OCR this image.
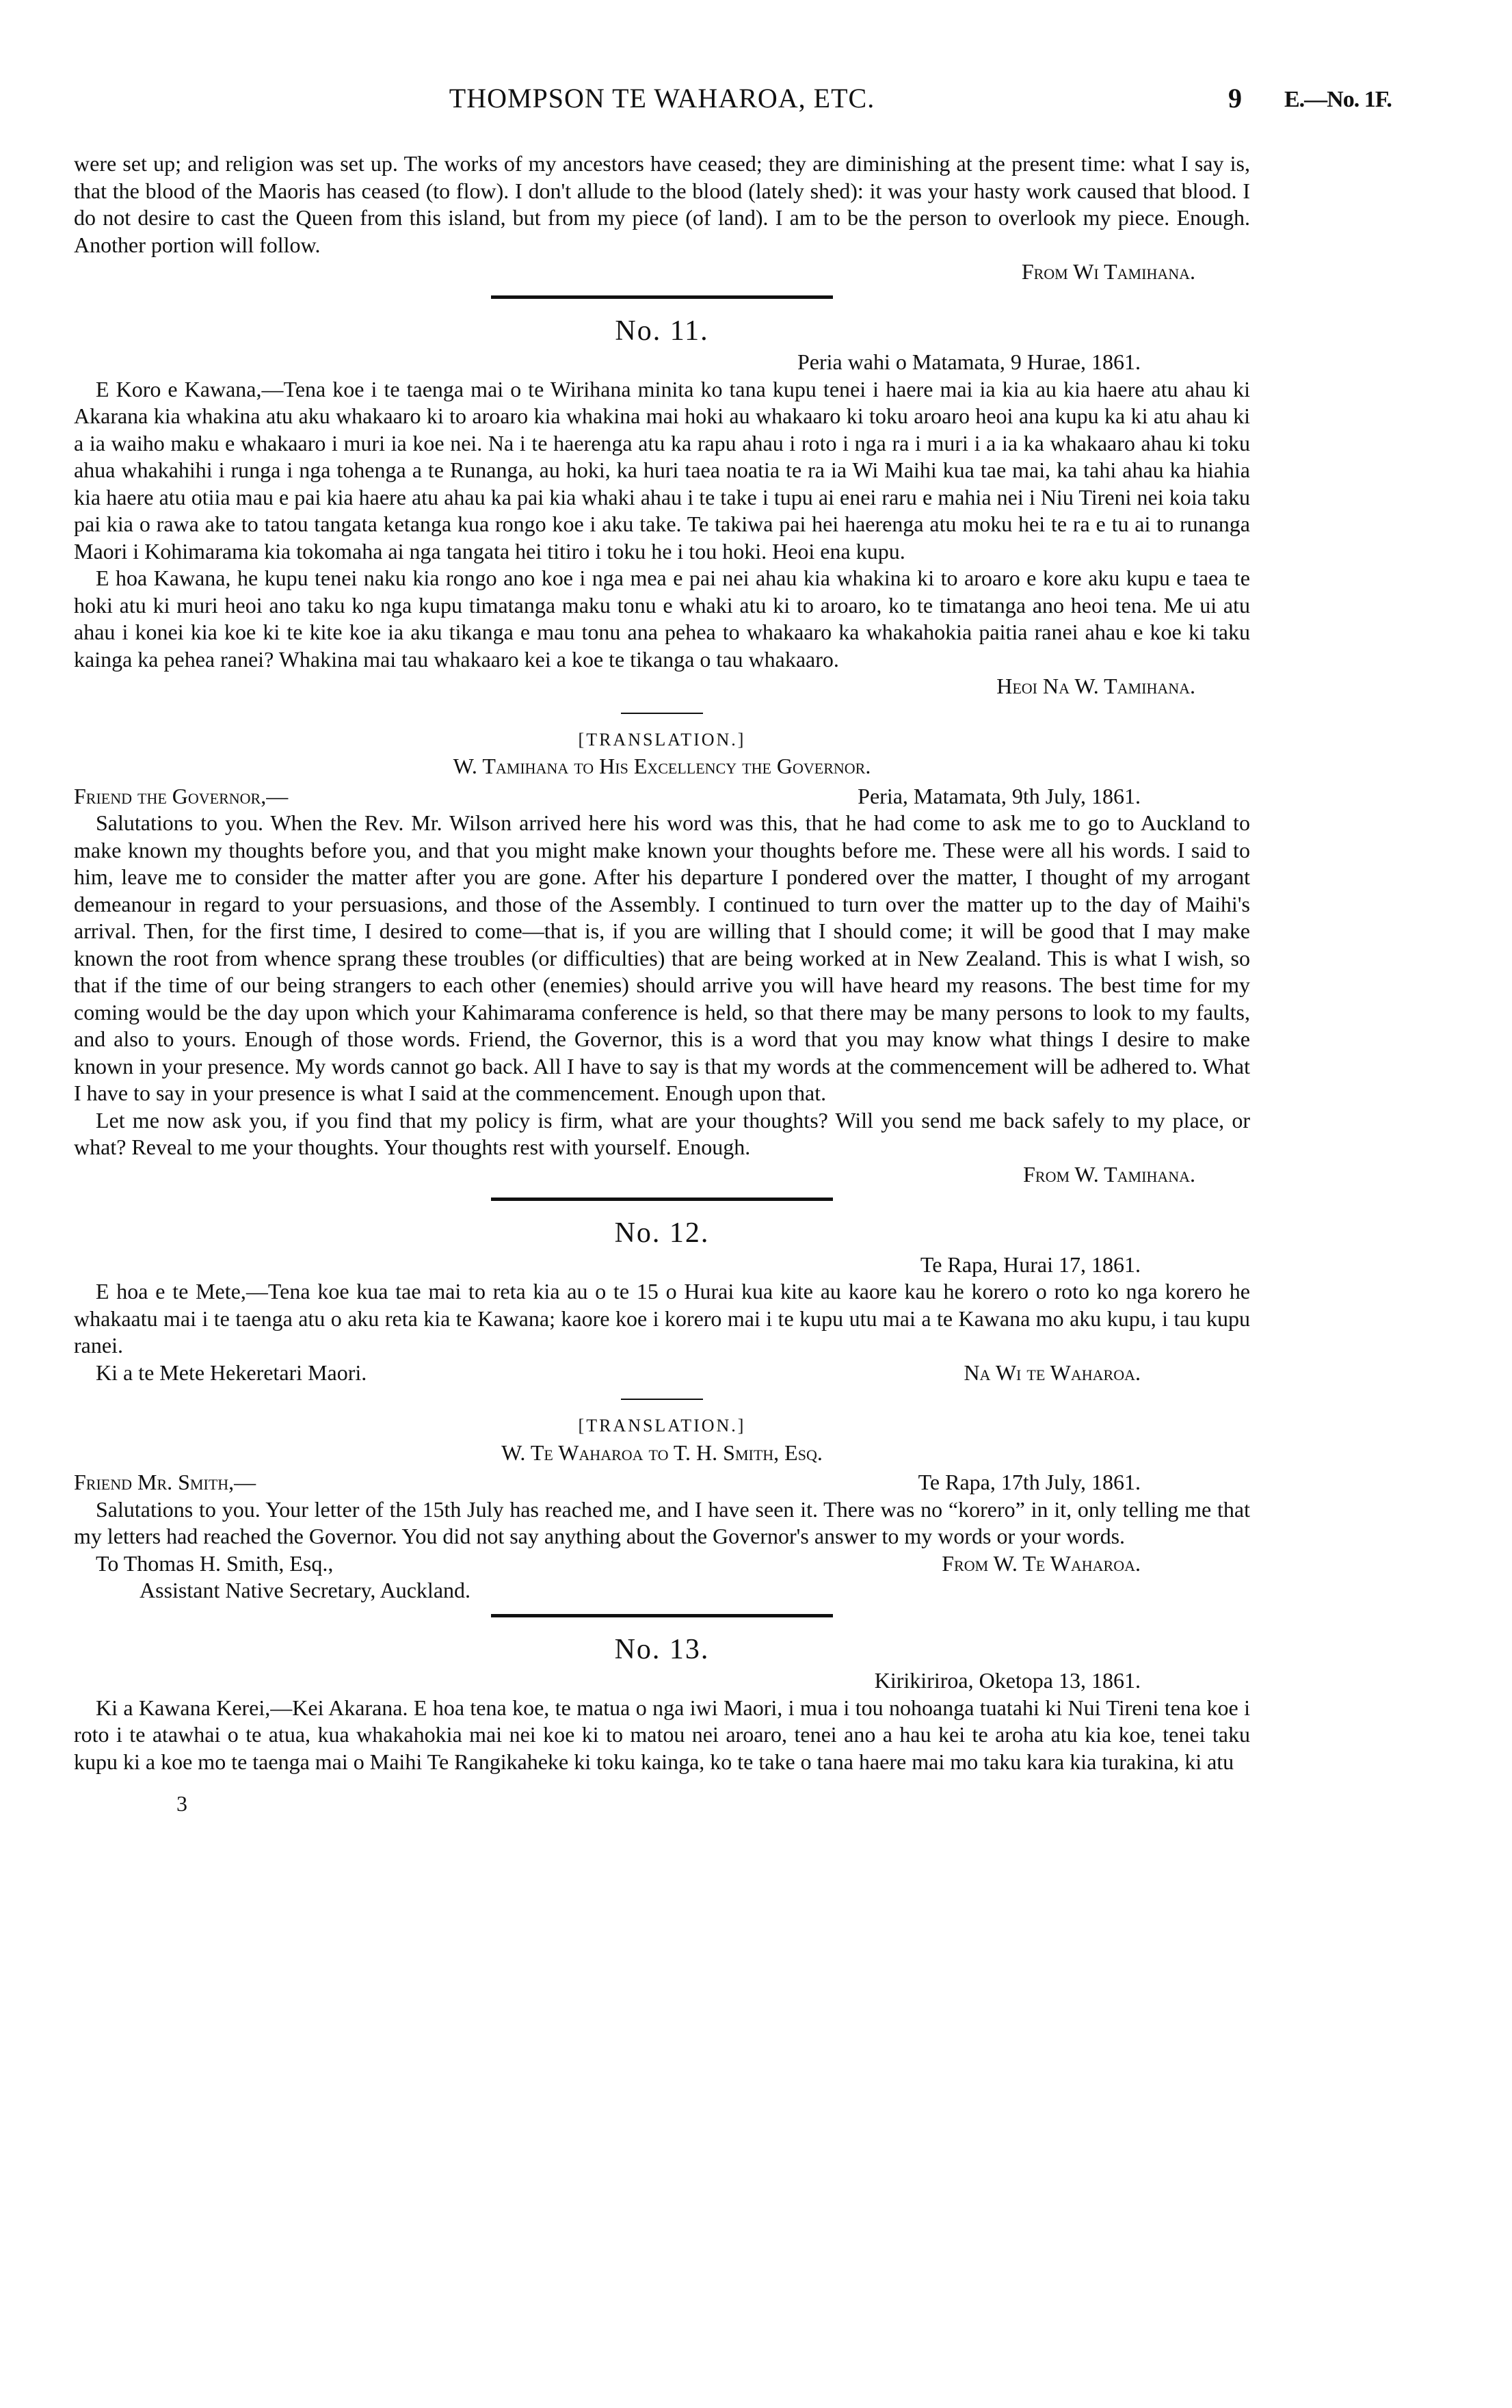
THOMPSON TE WAHAROA, ETC.	9 E.—No. 1F.

were set up; and religion was set up. The works of my ancestors have ceased; they are diminishing at the present time: what I say is, that the blood of the Maoris has ceased (to flow). I don't allude to the blood (lately shed): it was your hasty work caused that blood. I do not desire to cast the Queen from this island, but from my piece (of land). I am to be the person to overlook my piece. Enough. Another portion will follow.

From Wi Tamihana.

No. 11.

Peria wahi o Matamata, 9 Hurae, 1861.

E Koro e Kawana,—Tena koe i te taenga mai o te Wirihana minita ko tana kupu tenei i haere mai ia kia au kia haere atu ahau ki Akarana kia whakina atu aku whakaaro ki to aroaro kia whakina mai hoki au whakaaro ki toku aroaro heoi ana kupu ka ki atu ahau ki a ia waiho maku e whakaaro i muri ia koe nei. Na i te haerenga atu ka rapu ahau i roto i nga ra i muri i a ia ka whakaaro ahau ki toku ahua whakahihi i runga i nga tohenga a te Runanga, au hoki, ka huri taea noatia te ra ia Wi Maihi kua tae mai, ka tahi ahau ka hiahia kia haere atu otiia mau e pai kia haere atu ahau ka pai kia whaki ahau i te take i tupu ai enei raru e mahia nei i Niu Tireni nei koia taku pai kia o rawa ake to tatou tangata ketanga kua rongo koe i aku take. Te takiwa pai hei haerenga atu moku hei te ra e tu ai to runanga Maori i Kohimarama kia tokomaha ai nga tangata hei titiro i toku he i tou hoki. Heoi ena kupu.

E hoa Kawana, he kupu tenei naku kia rongo ano koe i nga mea e pai nei ahau kia whakina ki to aroaro e kore aku kupu e taea te hoki atu ki muri heoi ano taku ko nga kupu timatanga maku tonu e whaki atu ki to aroaro, ko te timatanga ano heoi tena. Me ui atu ahau i konei kia koe ki te kite koe ia aku tikanga e mau tonu ana pehea to whakaaro ka whakahokia paitia ranei ahau e koe ki taku kainga ka pehea ranei? Whakina mai tau whakaaro kei a koe te tikanga o tau whakaaro.

Heoi Na W. Tamihana.

[TRANSLATION.]
W. Tamihana to His Excellency the Governor.
Friend the Governor,—	Peria, Matamata, 9th July, 1861.

Salutations to you. When the Rev. Mr. Wilson arrived here his word was this, that he had come to ask me to go to Auckland to make known my thoughts before you, and that you might make known your thoughts before me. These were all his words. I said to him, leave me to consider the matter after you are gone. After his departure I pondered over the matter, I thought of my arrogant demeanour in regard to your persuasions, and those of the Assembly. I continued to turn over the matter up to the day of Maihi's arrival. Then, for the first time, I desired to come—that is, if you are willing that I should come; it will be good that I may make known the root from whence sprang these troubles (or difficulties) that are being worked at in New Zealand. This is what I wish, so that if the time of our being strangers to each other (enemies) should arrive you will have heard my reasons. The best time for my coming would be the day upon which your Kahimarama conference is held, so that there may be many persons to look to my faults, and also to yours. Enough of those words. Friend, the Governor, this is a word that you may know what things I desire to make known in your presence. My words cannot go back. All I have to say is that my words at the commencement will be adhered to. What I have to say in your presence is what I said at the commencement. Enough upon that.

Let me now ask you, if you find that my policy is firm, what are your thoughts? Will you send me back safely to my place, or what? Reveal to me your thoughts. Your thoughts rest with yourself. Enough.

From W. Tamihana.

No. 12.

Te Rapa, Hurai 17, 1861.

E hoa e te Mete,—Tena koe kua tae mai to reta kia au o te 15 o Hurai kua kite au kaore kau he korero o roto ko nga korero he whakaatu mai i te taenga atu o aku reta kia te Kawana; kaore koe i korero mai i te kupu utu mai a te Kawana mo aku kupu, i tau kupu ranei.

Ki a te Mete Hekeretari Maori.	Na Wi te Waharoa.
[TRANSLATION.]
W. Te Waharoa to T. H. Smith, Esq.
Friend Mr. Smith,—	Te Rapa, 17th July, 1861.

Salutations to you. Your letter of the 15th July has reached me, and I have seen it. There was no “korero” in it, only telling me that my letters had reached the Governor. You did not say anything about the Governor's answer to my words or your words.

To Thomas H. Smith, Esq.,	From W. Te Waharoa.

Assistant Native Secretary, Auckland.

No. 13.

Kirikiriroa, Oketopa 13, 1861.

Ki a Kawana Kerei,—Kei Akarana. E hoa tena koe, te matua o nga iwi Maori, i mua i tou nohoanga tuatahi ki Nui Tireni tena koe i roto i te atawhai o te atua, kua whakahokia mai nei koe ki to matou nei aroaro, tenei ano a hau kei te aroha atu kia koe, tenei taku kupu ki a koe mo te taenga mai o Maihi Te Rangikaheke ki toku kainga, ko te take o tana haere mai mo taku kara kia turakina, ki atu

3
